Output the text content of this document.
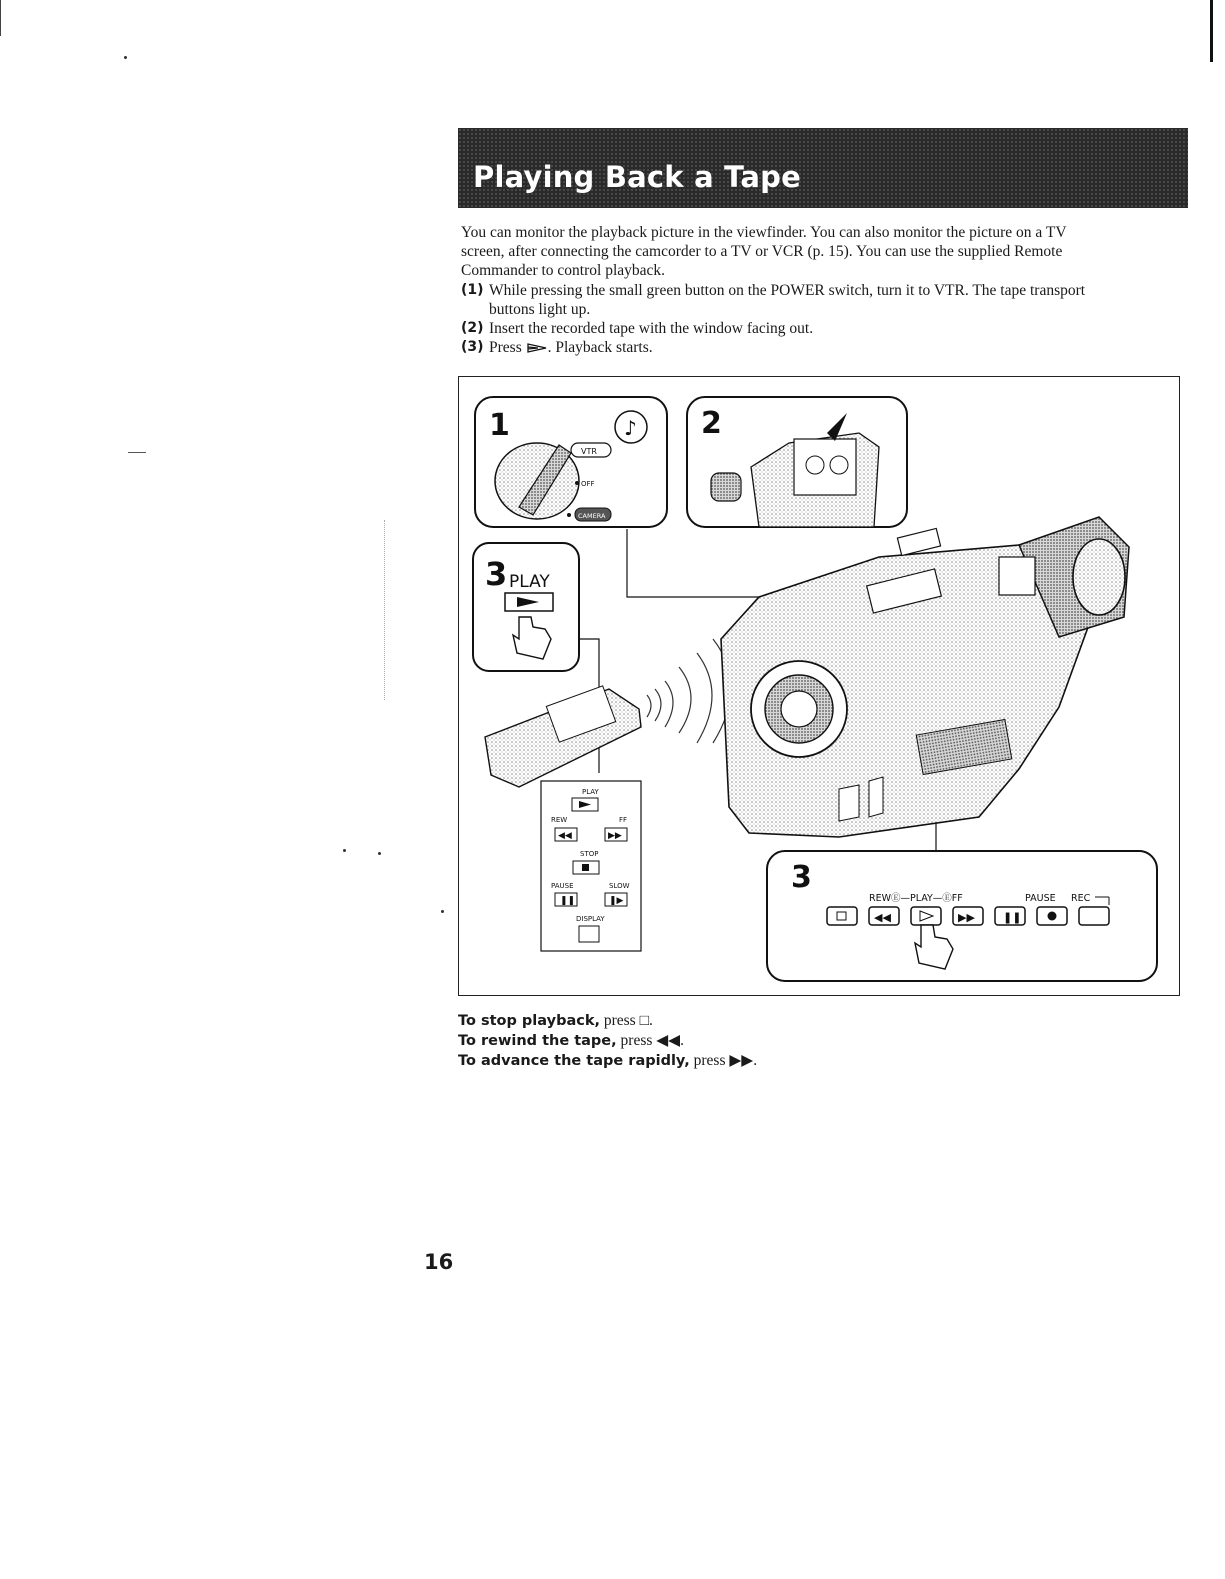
Playing Back a Tape
You can monitor the playback picture in the viewfinder. You can also monitor the picture on a TV
screen, after connecting the camcorder to a TV or VCR (p. 15). You can use the supplied Remote
Commander to control playback.
(1) While pressing the small green button on the POWER switch, turn it to VTR. The tape transport
buttons light up.
(2) Insert the recorded tape with the window facing out.
(3) Press . Playback starts.
1	♪
VTR
OFF
CAMERA
2
3 PLAY
PLAY
REW	FF
◀◀	▶▶
STOP
PAUSE	SLOW
❚❚	❚▶
DISPLAY
3
REWⒺ—PLAY—ⒺFF	PAUSE REC
◀◀	▶▶	❚❚
To stop playback, press □.
To rewind the tape, press ◀◀.
To advance the tape rapidly, press ▶▶.
16
